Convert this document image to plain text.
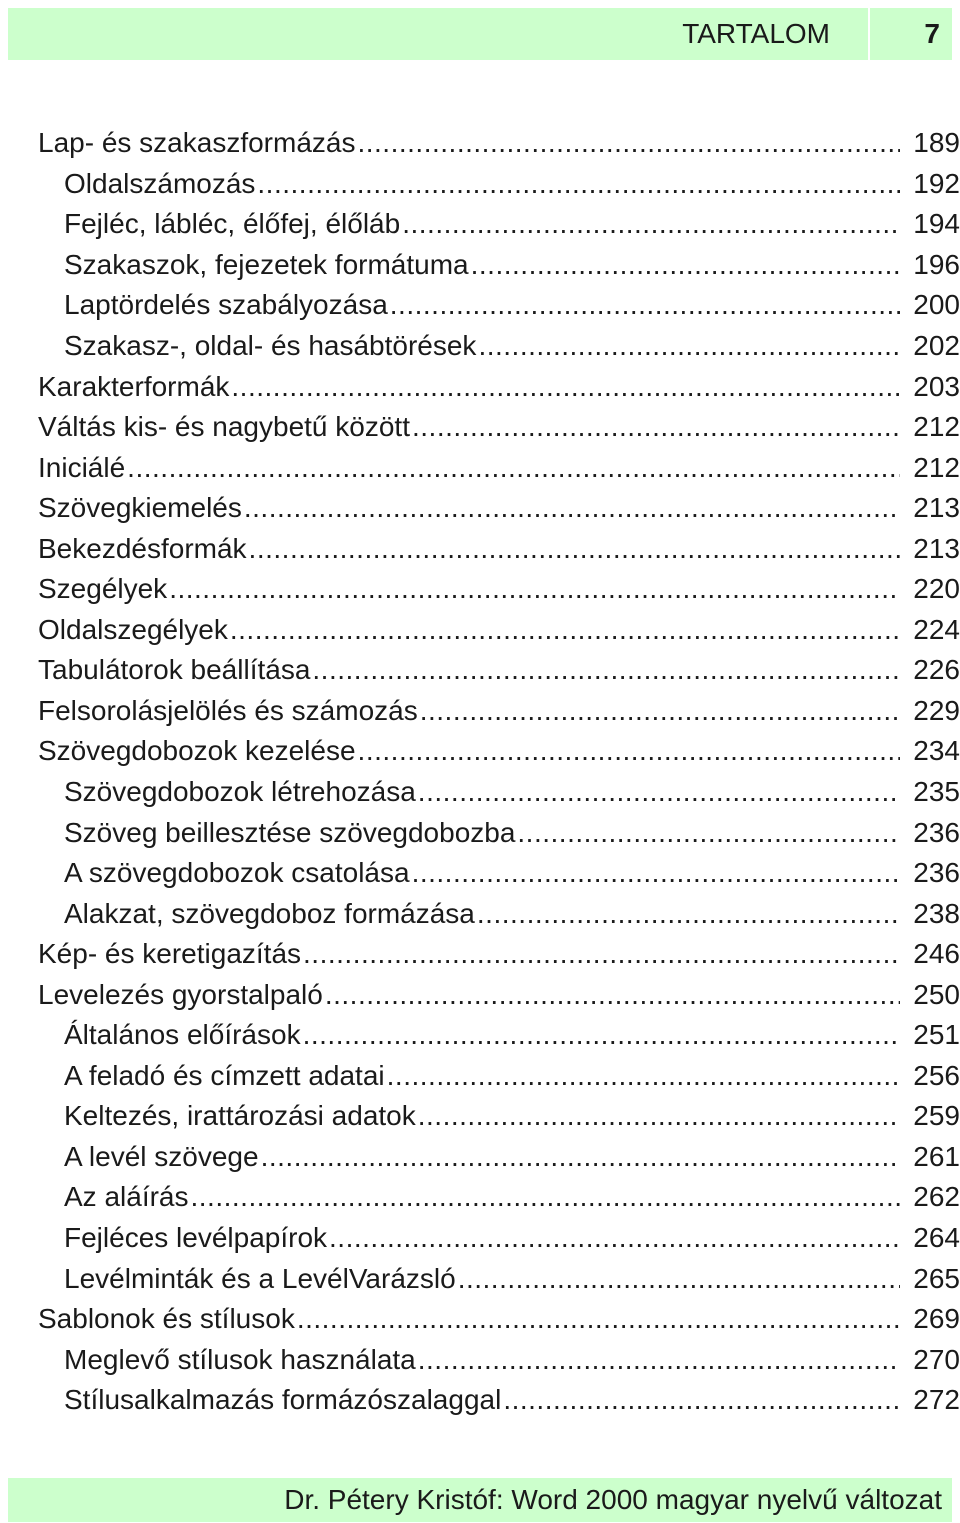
TARTALOM	7
Lap- és szakaszformázás .....	189
Oldalszámozás .....	192
Fejléc, lábléc, élőfej, élőláb .....	194
Szakaszok, fejezetek formátuma .....	196
Laptördelés szabályozása .....	200
Szakasz-, oldal- és hasábtörések .....	202
Karakterformák .....	203
Váltás kis- és nagybetű között .....	212
Iniciálé .....	212
Szövegkiemelés .....	213
Bekezdésformák .....	213
Szegélyek .....	220
Oldalszegélyek .....	224
Tabulátorok beállítása .....	226
Felsorolásjelölés és számozás .....	229
Szövegdobozok kezelése .....	234
Szövegdobozok létrehozása .....	235
Szöveg beillesztése szövegdobozba .....	236
A szövegdobozok csatolása .....	236
Alakzat, szövegdoboz formázása .....	238
Kép- és keretigazítás .....	246
Levelezés gyorstalpaló .....	250
Általános előírások .....	251
A feladó és címzett adatai .....	256
Keltezés, irattározási adatok .....	259
A levél szövege .....	261
Az aláírás .....	262
Fejléces levélpapírok .....	264
Levélminták és a LevélVarázsló .....	265
Sablonok és stílusok .....	269
Meglevő stílusok használata .....	270
Stílusalkalmazás formázószalaggal .....	272
Dr. Pétery Kristóf: Word 2000 magyar nyelvű változat
